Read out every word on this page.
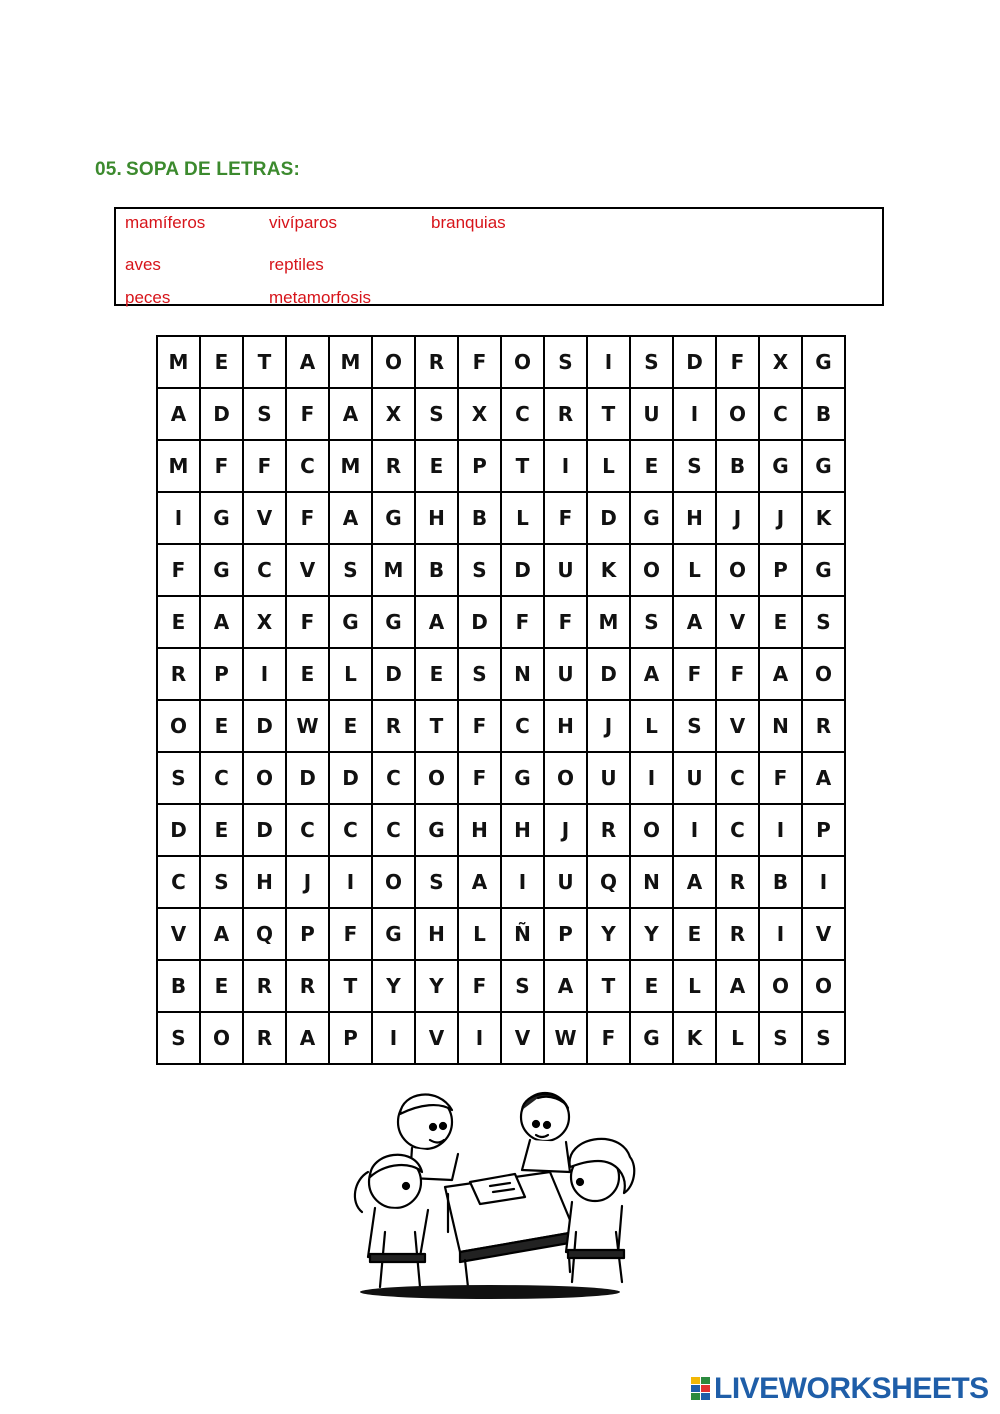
05. SOPA DE LETRAS:
mamíferos	vivíparos	branquias
aves	reptiles
peces	metamorfosis
M	E	T	A	M	O	R	F	O	S	I	S	D	F	X	G
A	D	S	F	A	X	S	X	C	R	T	U	I	O	C	B
M	F	F	C	M	R	E	P	T	I	L	E	S	B	G	G
I	G	V	F	A	G	H	B	L	F	D	G	H	J	J	K
F	G	C	V	S	M	B	S	D	U	K	O	L	O	P	G
E	A	X	F	G	G	A	D	F	F	M	S	A	V	E	S
R	P	I	E	L	D	E	S	N	U	D	A	F	F	A	O
O	E	D	W	E	R	T	F	C	H	J	L	S	V	N	R
S	C	O	D	D	C	O	F	G	O	U	I	U	C	F	A
D	E	D	C	C	C	G	H	H	J	R	O	I	C	I	P
C	S	H	J	I	O	S	A	I	U	Q	N	A	R	B	I
V	A	Q	P	F	G	H	L	Ñ	P	Y	Y	E	R	I	V
B	E	R	R	T	Y	Y	F	S	A	T	E	L	A	O	O
S	O	R	A	P	I	V	I	V	W	F	G	K	L	S	S
LIVEWORKSHEETS
